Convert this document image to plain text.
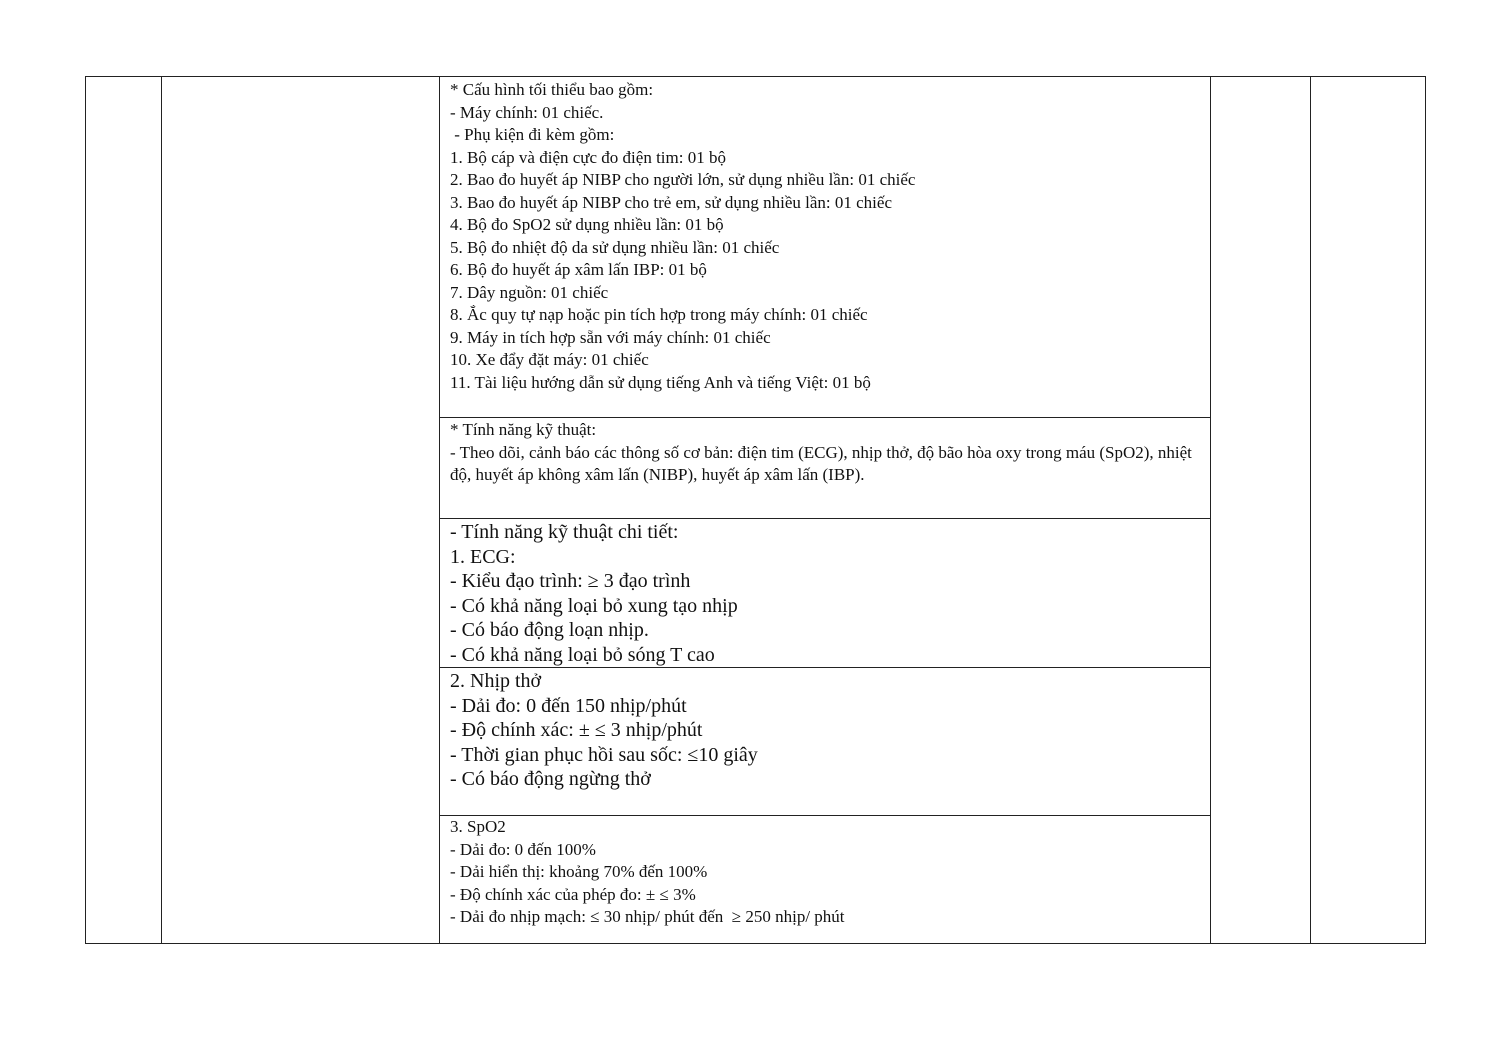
* Cấu hình tối thiểu bao gồm:
- Máy chính: 01 chiếc.
- Phụ kiện đi kèm gồm:
1. Bộ cáp và điện cực đo điện tim: 01 bộ
2. Bao đo huyết áp NIBP cho người lớn, sử dụng nhiều lần: 01 chiếc
3. Bao đo huyết áp NIBP cho trẻ em, sử dụng nhiều lần: 01 chiếc
4. Bộ đo SpO2 sử dụng nhiều lần: 01 bộ
5. Bộ đo nhiệt độ da sử dụng nhiều lần: 01 chiếc
6. Bộ đo huyết áp xâm lấn IBP: 01 bộ
7. Dây nguồn: 01 chiếc
8. Ắc quy tự nạp hoặc pin tích hợp trong máy chính: 01 chiếc
9. Máy in tích hợp sẵn với máy chính: 01 chiếc
10. Xe đẩy đặt máy: 01 chiếc
11. Tài liệu hướng dẫn sử dụng tiếng Anh và tiếng Việt: 01 bộ

* Tính năng kỹ thuật:
- Theo dõi, cảnh báo các thông số cơ bản: điện tim (ECG), nhịp thở, độ bão hòa oxy trong máu (SpO2), nhiệt độ, huyết áp không xâm lấn (NIBP), huyết áp xâm lấn (IBP).

- Tính năng kỹ thuật chi tiết:
1. ECG:
- Kiểu đạo trình: ≥ 3 đạo trình
- Có khả năng loại bỏ xung tạo nhịp
- Có báo động loạn nhịp.
- Có khả năng loại bỏ sóng T cao

2. Nhịp thở
- Dải đo: 0 đến 150 nhịp/phút
- Độ chính xác: ± ≤ 3 nhịp/phút
- Thời gian phục hồi sau sốc: ≤10 giây
- Có báo động ngừng thở

3. SpO2
- Dải đo: 0 đến 100%
- Dải hiển thị: khoảng 70% đến 100%
- Độ chính xác của phép đo: ± ≤ 3%
- Dải đo nhịp mạch: ≤ 30 nhịp/ phút đến  ≥ 250 nhịp/ phút
